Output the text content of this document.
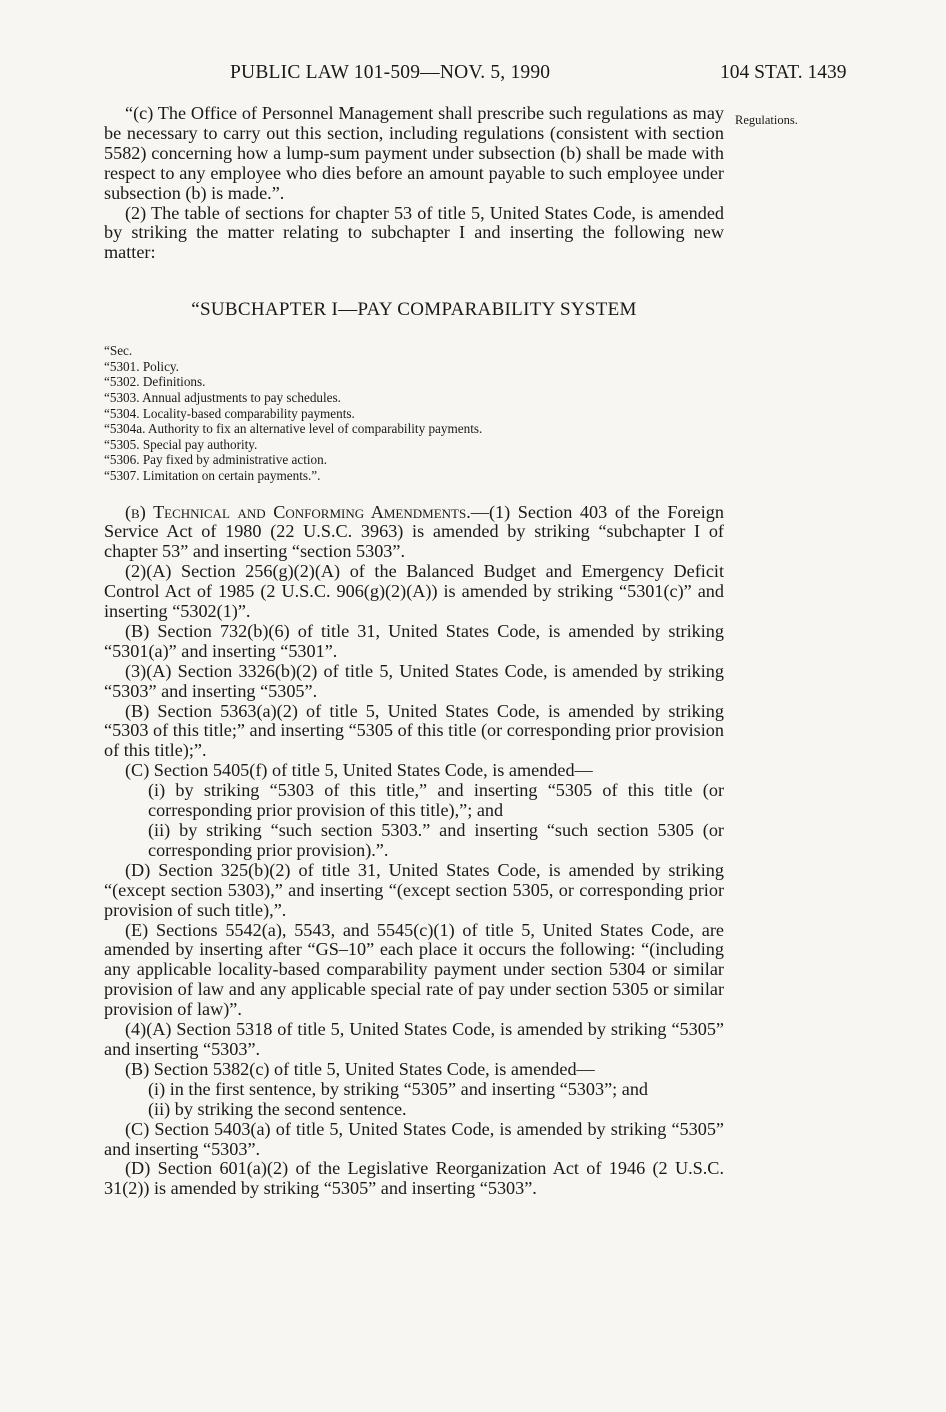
PUBLIC LAW 101-509—NOV. 5, 1990	104 STAT. 1439
Regulations.

“(c) The Office of Personnel Management shall prescribe such regulations as may be necessary to carry out this section, including regulations (consistent with section 5582) concerning how a lump-sum payment under subsection (b) shall be made with respect to any employee who dies before an amount payable to such employee under subsection (b) is made.”.

(2) The table of sections for chapter 53 of title 5, United States Code, is amended by striking the matter relating to subchapter I and inserting the following new matter:

“SUBCHAPTER I—PAY COMPARABILITY SYSTEM
“Sec.
“5301. Policy.
“5302. Definitions.
“5303. Annual adjustments to pay schedules.
“5304. Locality-based comparability payments.
“5304a. Authority to fix an alternative level of comparability payments.
“5305. Special pay authority.
“5306. Pay fixed by administrative action.
“5307. Limitation on certain payments.”.

(b) Technical and Conforming Amendments.—(1) Section 403 of the Foreign Service Act of 1980 (22 U.S.C. 3963) is amended by striking “subchapter I of chapter 53” and inserting “section 5303”.

(2)(A) Section 256(g)(2)(A) of the Balanced Budget and Emergency Deficit Control Act of 1985 (2 U.S.C. 906(g)(2)(A)) is amended by striking “5301(c)” and inserting “5302(1)”.

(B) Section 732(b)(6) of title 31, United States Code, is amended by striking “5301(a)” and inserting “5301”.

(3)(A) Section 3326(b)(2) of title 5, United States Code, is amended by striking “5303” and inserting “5305”.

(B) Section 5363(a)(2) of title 5, United States Code, is amended by striking “5303 of this title;” and inserting “5305 of this title (or corresponding prior provision of this title);”.

(C) Section 5405(f) of title 5, United States Code, is amended—

(i) by striking “5303 of this title,” and inserting “5305 of this title (or corresponding prior provision of this title),”; and

(ii) by striking “such section 5303.” and inserting “such section 5305 (or corresponding prior provision).”.

(D) Section 325(b)(2) of title 31, United States Code, is amended by striking “(except section 5303),” and inserting “(except section 5305, or corresponding prior provision of such title),”.

(E) Sections 5542(a), 5543, and 5545(c)(1) of title 5, United States Code, are amended by inserting after “GS–10” each place it occurs the following: “(including any applicable locality-based comparability payment under section 5304 or similar provision of law and any applicable special rate of pay under section 5305 or similar provision of law)”.

(4)(A) Section 5318 of title 5, United States Code, is amended by striking “5305” and inserting “5303”.

(B) Section 5382(c) of title 5, United States Code, is amended—

(i) in the first sentence, by striking “5305” and inserting “5303”; and

(ii) by striking the second sentence.

(C) Section 5403(a) of title 5, United States Code, is amended by striking “5305” and inserting “5303”.

(D) Section 601(a)(2) of the Legislative Reorganization Act of 1946 (2 U.S.C. 31(2)) is amended by striking “5305” and inserting “5303”.
